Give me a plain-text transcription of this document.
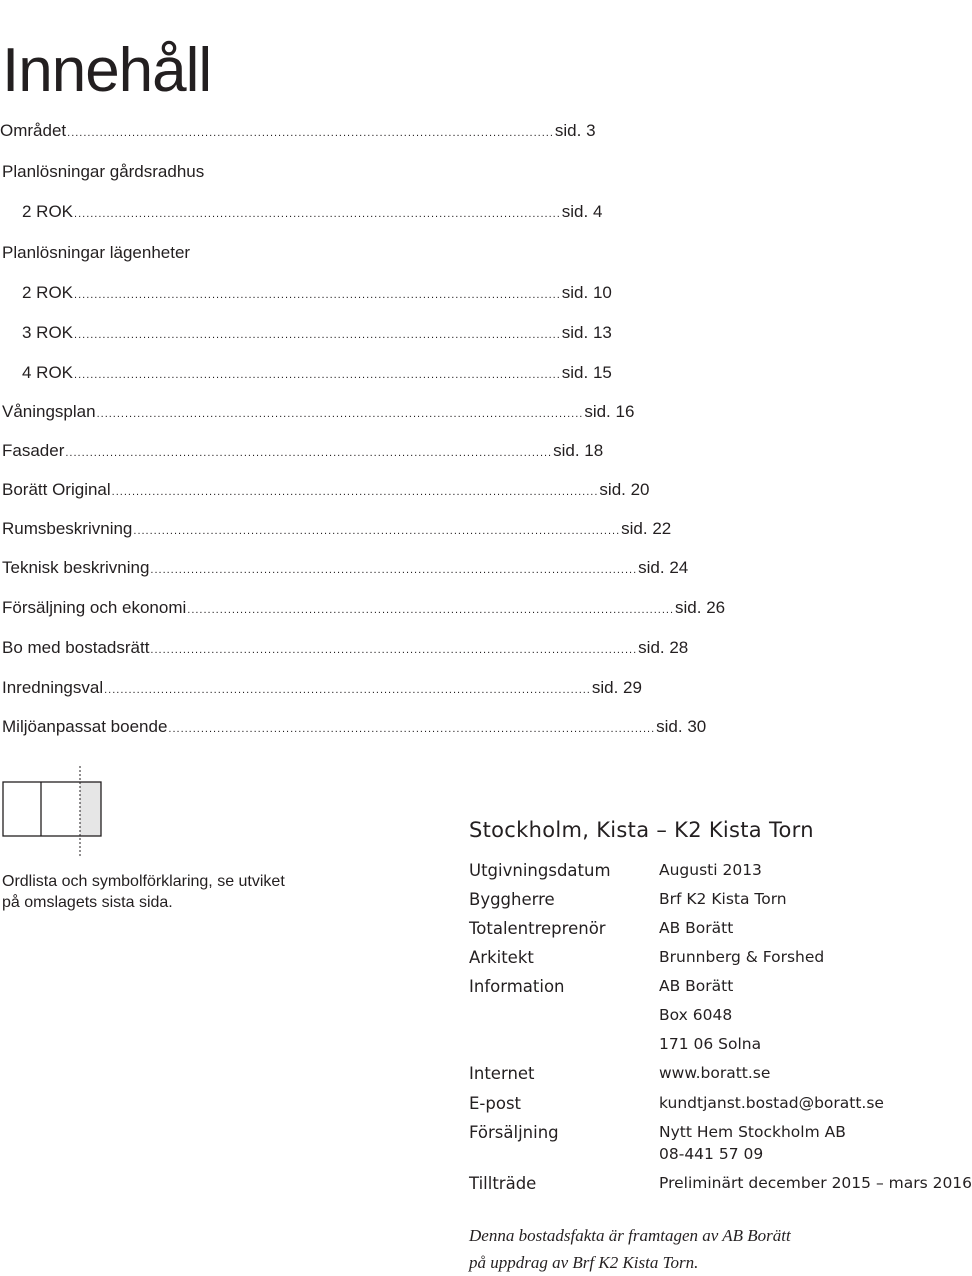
Innehåll
Området ........................................................................................................................ sid. 3
Planlösningar gårdsradhus
2 ROK ........................................................................................................................ sid. 4
Planlösningar lägenheter
2 ROK ........................................................................................................................ sid. 10
3 ROK ........................................................................................................................ sid. 13
4 ROK ........................................................................................................................ sid. 15
Våningsplan ........................................................................................................................ sid. 16
Fasader ........................................................................................................................ sid. 18
Borätt Original ........................................................................................................................ sid. 20
Rumsbeskrivning ........................................................................................................................ sid. 22
Teknisk beskrivning ........................................................................................................................ sid. 24
Försäljning och ekonomi ........................................................................................................................ sid. 26
Bo med bostadsrätt ........................................................................................................................ sid. 28
Inredningsval ........................................................................................................................ sid. 29
Miljöanpassat boende ........................................................................................................................ sid. 30
Ordlista och symbolförklaring, se utviket
på omslagets sista sida.
Stockholm, Kista – K2 Kista Torn
Utgivningsdatum	Augusti 2013
Byggherre	Brf K2 Kista Torn
Totalentreprenör	AB Borätt
Arkitekt	Brunnberg & Forshed
Information	AB Borätt
Box 6048
171 06 Solna
Internet	www.boratt.se
E-post	kundtjanst.bostad@boratt.se
Försäljning	Nytt Hem Stockholm AB
08-441 57 09
Tillträde	Preliminärt december 2015 – mars 2016
Denna bostadsfakta är framtagen av AB Borätt
på uppdrag av Brf K2 Kista Torn.
